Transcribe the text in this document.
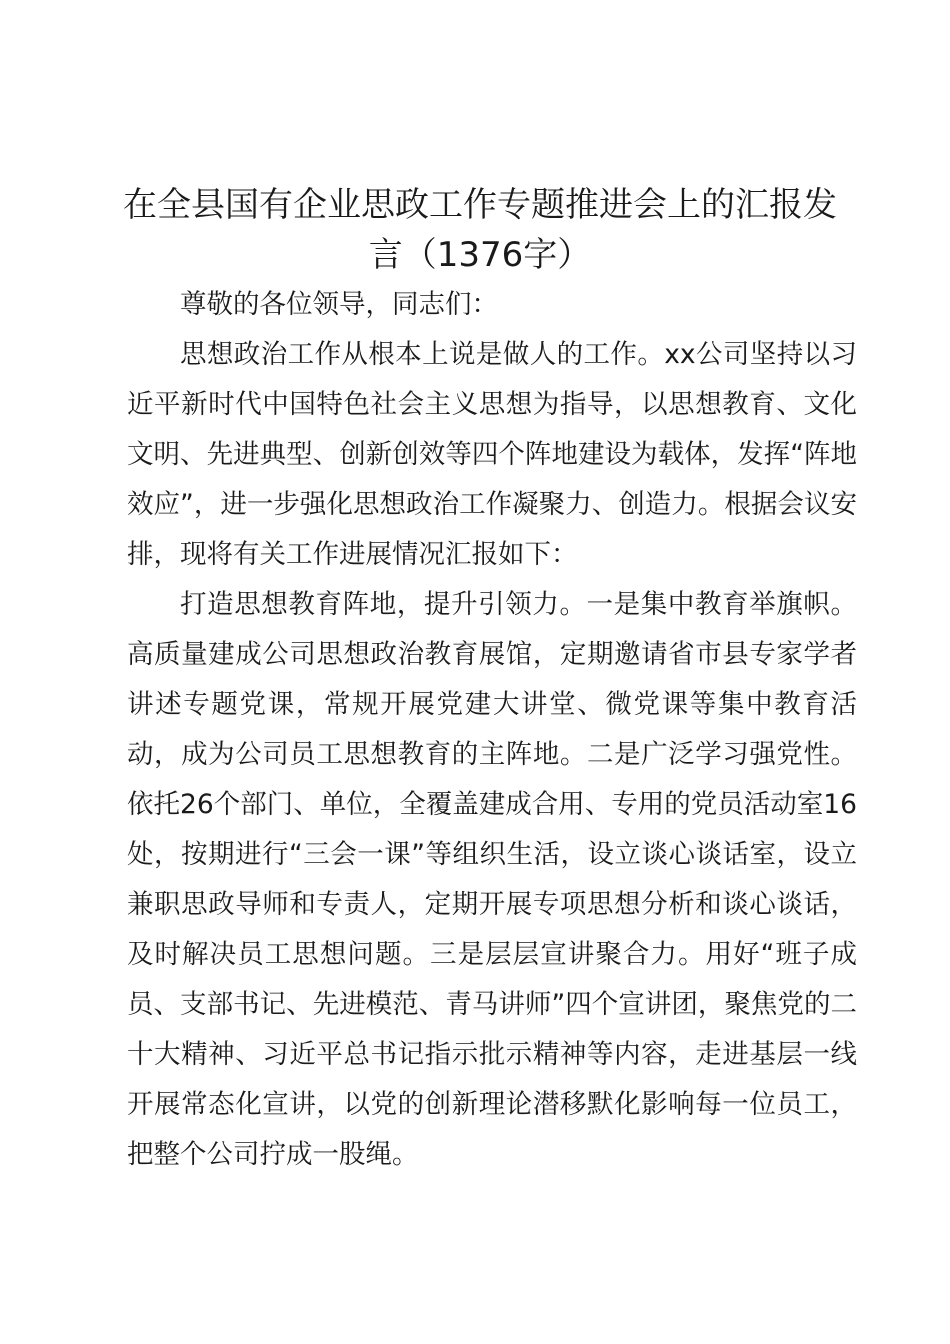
在全县国有企业思政工作专题推进会上的汇报发言（1376字）

尊敬的各位领导，同志们：

思想政治工作从根本上说是做人的工作。xx公司坚持以习近平新时代中国特色社会主义思想为指导，以思想教育、文化文明、先进典型、创新创效等四个阵地建设为载体，发挥“阵地效应”，进一步强化思想政治工作凝聚力、创造力。根据会议安排，现将有关工作进展情况汇报如下：

打造思想教育阵地，提升引领力。一是集中教育举旗帜。高质量建成公司思想政治教育展馆，定期邀请省市县专家学者讲述专题党课，常规开展党建大讲堂、微党课等集中教育活动，成为公司员工思想教育的主阵地。二是广泛学习强党性。依托26个部门、单位，全覆盖建成合用、专用的党员活动室16处，按期进行“三会一课”等组织生活，设立谈心谈话室，设立兼职思政导师和专责人，定期开展专项思想分析和谈心谈话，及时解决员工思想问题。三是层层宣讲聚合力。用好“班子成员、支部书记、先进模范、青马讲师”四个宣讲团，聚焦党的二十大精神、习近平总书记指示批示精神等内容，走进基层一线开展常态化宣讲，以党的创新理论潜移默化影响每一位员工，把整个公司拧成一股绳。
